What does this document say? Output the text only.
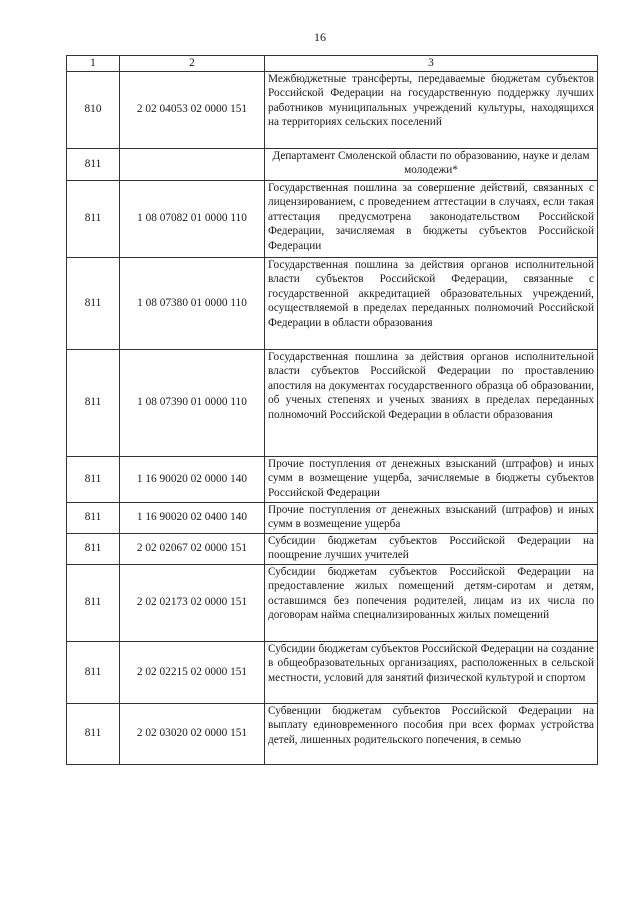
16
1	2	3
810	2 02 04053 02 0000 151	Межбюджетные трансферты, передаваемые бюджетам субъектов Российской Федерации на государственную поддержку лучших работников муниципальных учреждений культуры, находящихся на территориях сельских поселений
811		Департамент Смоленской области по образованию, науке и делам молодежи*
811	1 08 07082 01 0000 110	Государственная пошлина за совершение действий, связанных с лицензированием, с проведением аттестации в случаях, если такая аттестация предусмотрена законодательством Российской Федерации, зачисляемая в бюджеты субъектов Российской Федерации
811	1 08 07380 01 0000 110	Государственная пошлина за действия органов исполнительной власти субъектов Российской Федерации, связанные с государственной аккредитацией образовательных учреждений, осуществляемой в пределах переданных полномочий Российской Федерации в области образования
811	1 08 07390 01 0000 110	Государственная пошлина за действия органов исполнительной власти субъектов Российской Федерации по проставлению апостиля на документах государственного образца об образовании, об ученых степенях и ученых званиях в пределах переданных полномочий Российской Федерации в области образования
811	1 16 90020 02 0000 140	Прочие поступления от денежных взысканий (штрафов) и иных сумм в возмещение ущерба, зачисляемые в бюджеты субъектов Российской Федерации
811	1 16 90020 02 0400 140	Прочие поступления от денежных взысканий (штрафов) и иных сумм в возмещение ущерба
811	2 02 02067 02 0000 151	Субсидии бюджетам субъектов Российской Федерации на поощрение лучших учителей
811	2 02 02173 02 0000 151	Субсидии бюджетам субъектов Российской Федерации на предоставление жилых помещений детям-сиротам и детям, оставшимся без попечения родителей, лицам из их числа по договорам найма специализированных жилых помещений
811	2 02 02215 02 0000 151	Субсидии бюджетам субъектов Российской Федерации на создание в общеобразовательных организациях, расположенных в сельской местности, условий для занятий физической культурой и спортом
811	2 02 03020 02 0000 151	Субвенции бюджетам субъектов Российской Федерации на выплату единовременного пособия при всех формах устройства детей, лишенных родительского попечения, в семью
